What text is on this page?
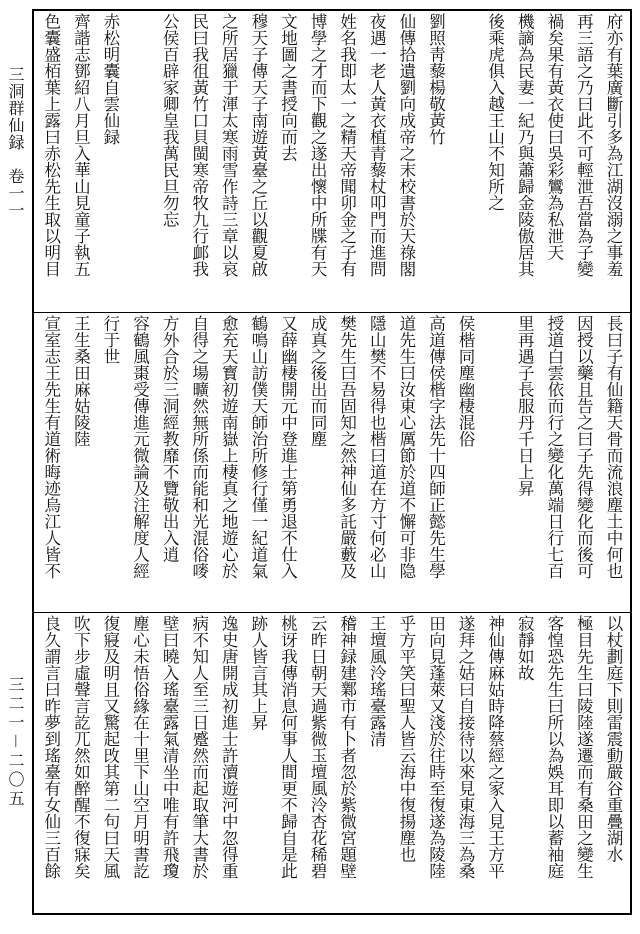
三洞群仙録　卷一一
三二一－二〇五
府亦有葉廣斷引多為江湖沒溺之事羞
再三語之乃曰此不可輕泄吾當為子變
禍矣果有黃衣使曰吳彩鸞為私泄天
機謫為民妻一紀乃與蕭歸金陵傲居其
後乘虎俱入越王山不知所之
劉照靑藜楊敬黃竹
仙傳拾遺劉向成帝之末校書於天祿閣
夜遇一老人黃衣植青藜杖叩門而進問
姓名我即太一之精天帝聞卯金之子有
博學之才而下觀之遂出懷中所牒有天
文地圖之書授向而去
穆天子傳天子南遊黃臺之丘以觀夏啟
之所居獵于渾太寒雨雪作詩三章以哀
民曰我徂黃竹口貝閩寒帝牧九行䘏我
公侯百辟家卿皇我萬民旦勿忘
赤松明囊自雲仙録
齊諧志鄧紹八月旦入華山見童子執五
色囊盛栢葉上露曰赤松先生取以明目
長曰子有仙籍天骨而流浪塵土中何也
因授以藥且告之曰子先得變化而後可
授道白雲依而行之變化萬端日行七百
里再遇子長服丹千日上昇
侯楷同塵幽棲混俗
高道傳侯楷字法先十四師正懿先生學
道先生曰汝東心厲節於道不懈可非隐
隱山樊不易得也楷曰道在方寸何必山
樊先生曰吾固知之然神仙多託嚴藪及
成真之後出而同塵
又薛幽棲開元中登進士第勇退不仕入
鶴鳴山訪僕天師治所修行僅一紀道氣
愈充天寳初遊南嶽上棲真之地遊心於
自得之場曠然無所係而能和光混俗嘜
方外合於三洞經教靡不覽敬出入逍
容鶴風棗受傳進元微論及注解度人經
行于世
王生桑田麻姑陵陸
宣室志王先生有道術晦迹烏江人皆不
以杖劃庭下則雷震動嚴谷重疊湖水
極目先生曰陵陸遂遷而有桑田之變生
客惶恐先生曰所以為娛耳即以蓄袖庭
寂靜如故
神仙傳麻姑時降蔡經之家入見王方平
遂拜之姑曰自接待以來見東海三為桑
田向見蓬萊又淺於往時至復遂為陵陸
乎方平笑曰聖人皆云海中復揚塵也
王壇風泠瑤臺露清
稽神録建鄴市有卜者忽於紫微宮題壁
云昨日朝天過紫微玉壇風泠杏花稀碧
桃讶我傳消息何事人間更不歸自是此
跡人皆言其上昇
逸史唐開成初進士許瀆遊河中忽得重
病不知人至三日蹙然而起取筆大書於
壁曰曉入瑤臺露氣清坐中唯有許飛瓊
塵心未悟俗緣在十里下山空月明書訖
復寢及明且又驚起攺其第二句曰天風
吹下步虛聲言訖兀然如醉醒不復寐矣
良久謂言曰昨夢到瑤臺有女仙三百餘
